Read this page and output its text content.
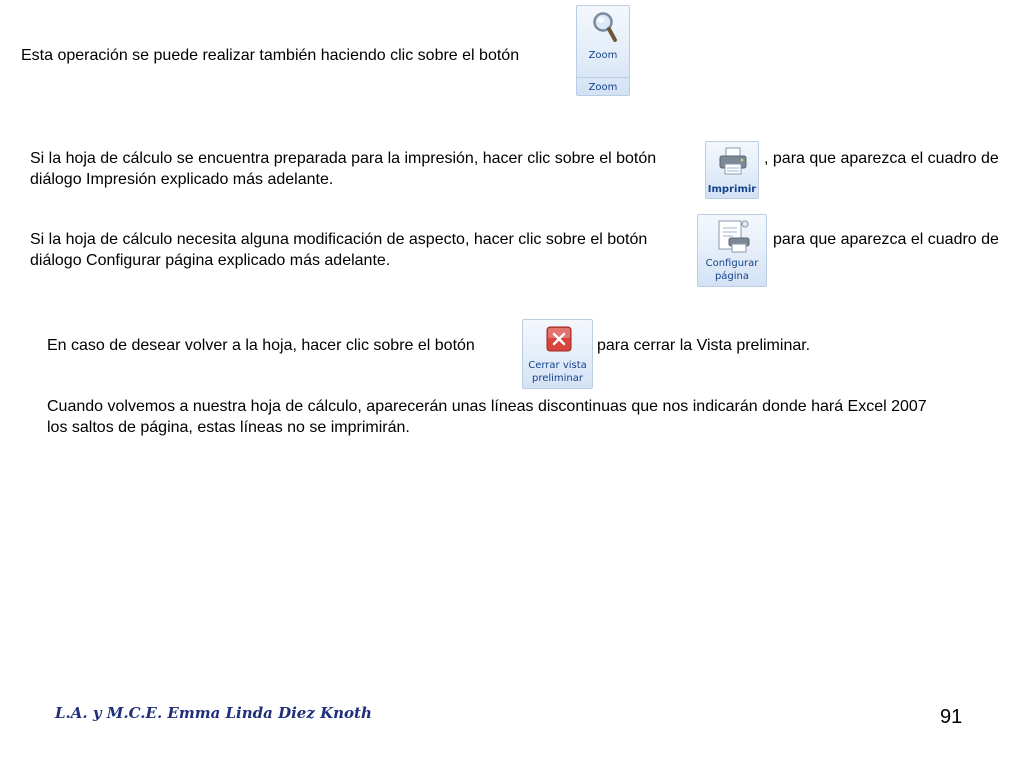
Esta operación se puede realizar también haciendo clic sobre el botón	Zoom
Zoom
Si la hoja de cálculo se encuentra preparada para la impresión, hacer clic sobre el botón
Imprimir
, para que aparezca el cuadro de
diálogo Impresión explicado más adelante.
Si la hoja de cálculo necesita alguna modificación de aspecto, hacer clic sobre el botón
Configurar
página
para que aparezca el cuadro de
diálogo Configurar página explicado más adelante.
En caso de desear volver a la hoja, hacer clic sobre el botón
Cerrar vista
preliminar
para cerrar la Vista preliminar.
Cuando volvemos a nuestra hoja de cálculo, aparecerán unas líneas discontinuas que nos indicarán donde hará Excel 2007
los saltos de página, estas líneas no se imprimirán.
L.A. y M.C.E. Emma Linda Diez Knoth	91
